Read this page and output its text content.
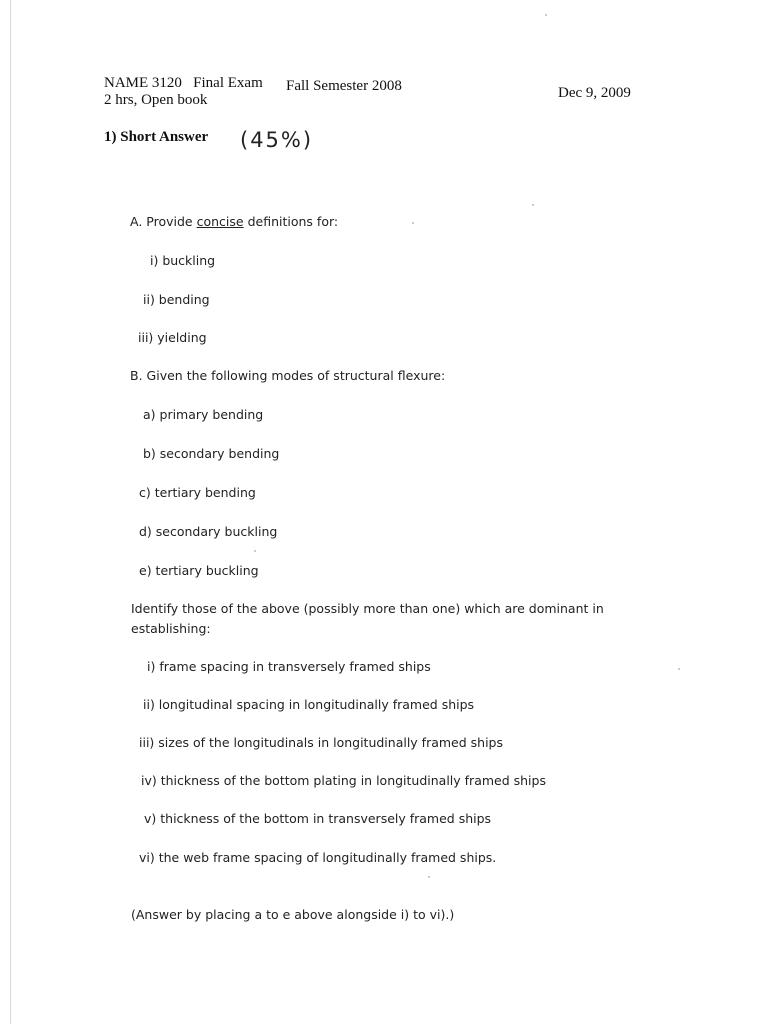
NAME 3120 Final Exam Fall Semester 2008
2 hrs, Open book	Dec 9, 2009
1) Short Answer (45%)
A. Provide concise definitions for:
i) buckling
ii) bending
iii) yielding
B. Given the following modes of structural flexure:
a) primary bending
b) secondary bending
c) tertiary bending
d) secondary buckling
e) tertiary buckling
Identify those of the above (possibly more than one) which are dominant in
establishing:
i) frame spacing in transversely framed ships
ii) longitudinal spacing in longitudinally framed ships
iii) sizes of the longitudinals in longitudinally framed ships
iv) thickness of the bottom plating in longitudinally framed ships
v) thickness of the bottom in transversely framed ships
vi) the web frame spacing of longitudinally framed ships.
(Answer by placing a to e above alongside i) to vi).)
